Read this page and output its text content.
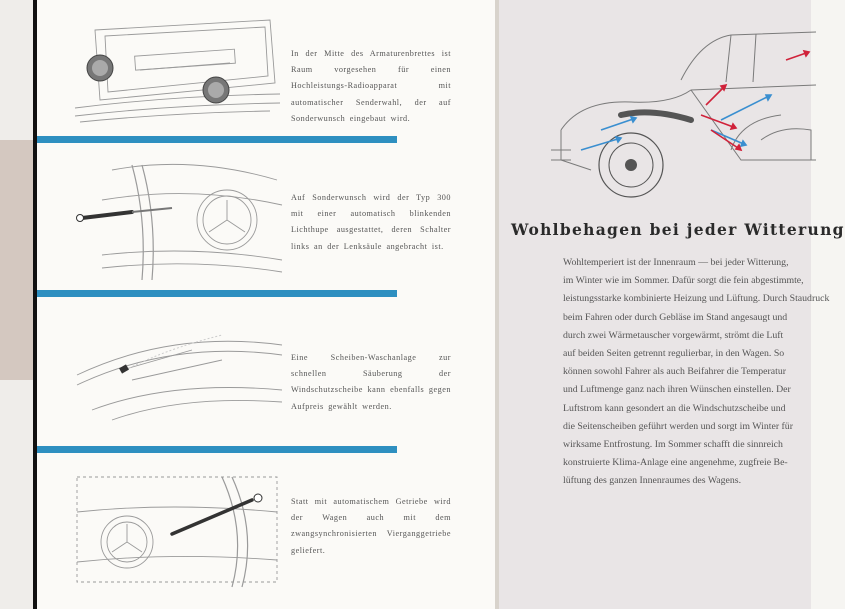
In der Mitte des Armaturenbrettes ist Raum vorgesehen für einen Hochleistungs-Radioapparat mit automatischer Senderwahl, der auf Sonderwunsch eingebaut wird.
Auf Sonderwunsch wird der Typ 300 mit einer automatisch blinkenden Lichthupe ausgestattet, deren Schalter links an der Lenksäule angebracht ist.
Eine Scheiben-Waschanlage zur schnellen Säuberung der Windschutzscheibe kann ebenfalls gegen Aufpreis gewählt werden.
Statt mit automatischem Getriebe wird der Wagen auch mit dem zwangsynchronisierten Vierganggetriebe geliefert.
Wohlbehagen bei jeder Witterung
Wohltemperiert ist der Innenraum — bei jeder Witterung,
im Winter wie im Sommer. Dafür sorgt die fein abgestimmte,
leistungsstarke kombinierte Heizung und Lüftung. Durch Staudruck
beim Fahren oder durch Gebläse im Stand angesaugt und
durch zwei Wärmetauscher vorgewärmt, strömt die Luft
auf beiden Seiten getrennt regulierbar, in den Wagen. So
können sowohl Fahrer als auch Beifahrer die Temperatur
und Luftmenge ganz nach ihren Wünschen einstellen. Der
Luftstrom kann gesondert an die Windschutzscheibe und
die Seitenscheiben geführt werden und sorgt im Winter für
wirksame Entfrostung. Im Sommer schafft die sinnreich
konstruierte Klima-Anlage eine angenehme, zugfreie Be-
lüftung des ganzen Innenraumes des Wagens.
